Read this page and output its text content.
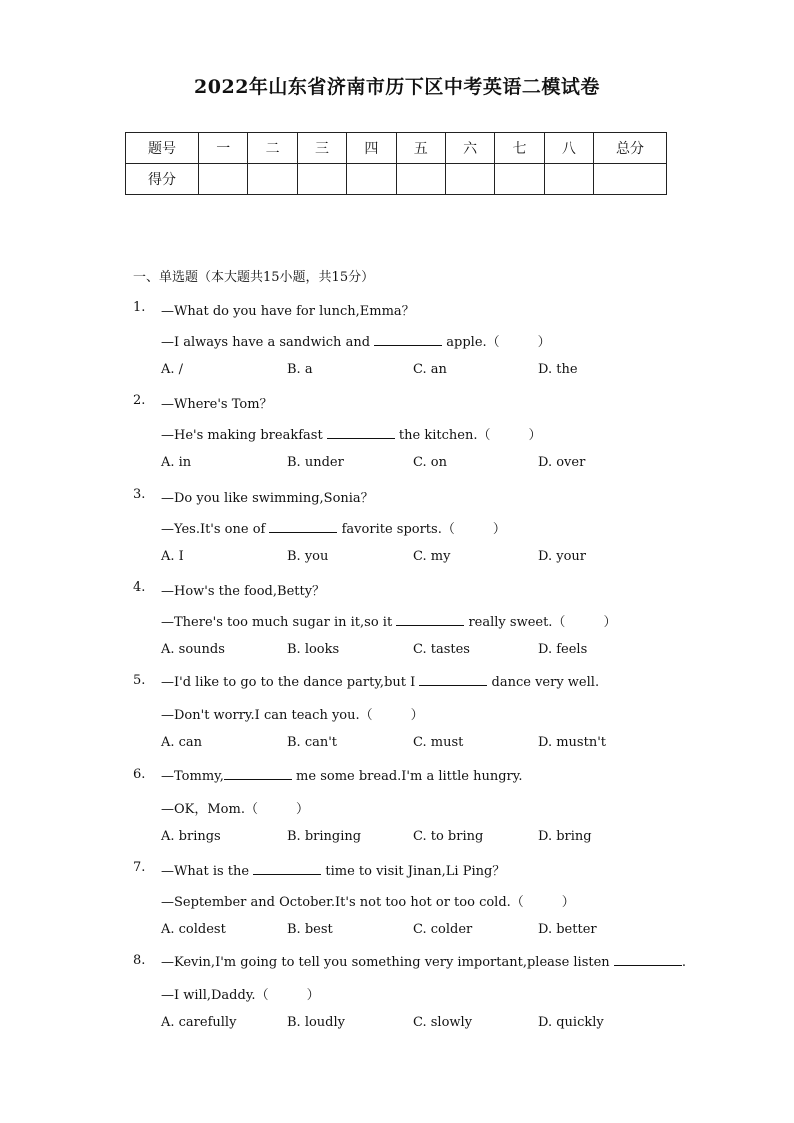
2022年山东省济南市历下区中考英语二模试卷
题号	一	二	三	四	五	六	七	八	总分
得分									
一、单选题（本大题共15小题，共15分）
1. —What do you have for lunch,Emma？
—I always have a sandwich and	apple.（	）
A. /	B. a	C. an	D. the
2. —Where's Tom？
—He's making breakfast	the kitchen.（	）
A. in	B. under	C. on	D. over
3. —Do you like swimming,Sonia？
—Yes.It's one of	favorite sports.（	）
A. I	B. you	C. my	D. your
4. —How's the food,Betty？
—There's too much sugar in it,so it	really sweet.（	）
A. sounds	B. looks	C. tastes	D. feels
5. —I'd like to go to the dance party,but I	dance very well.
—Don't worry.I can teach you.（	）
A. can	B. can't	C. must	D. mustn't
6. —Tommy,	me some bread.I'm a little hungry.
—OK，Mom.（	）
A. brings	B. bringing	C. to bring	D. bring
7. —What is the	time to visit Jinan,Li Ping？
—September and October.It's not too hot or too cold.（	）
A. coldest	B. best	C. colder	D. better
8. —Kevin,I'm going to tell you something very important,please listen	.
—I will,Daddy.（	）
A. carefully	B. loudly	C. slowly	D. quickly
